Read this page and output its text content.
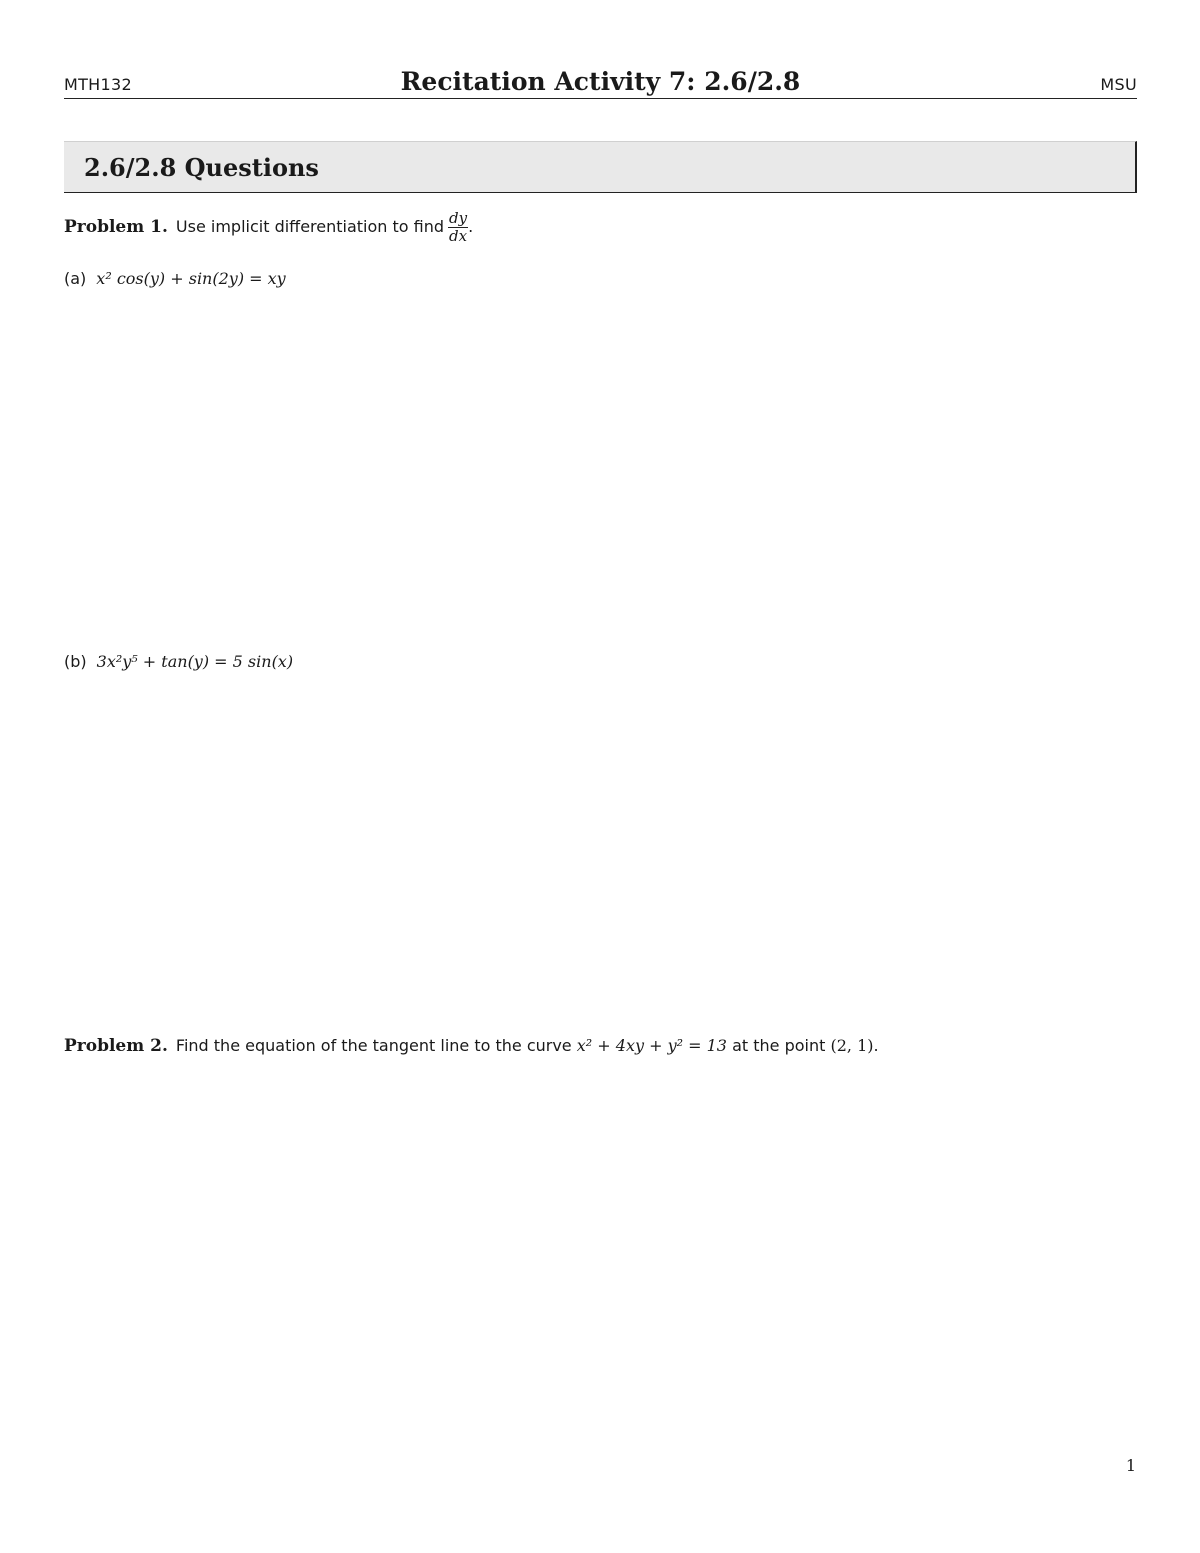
MTH132	Recitation Activity 7: 2.6/2.8	MSU
2.6/2.8 Questions
Problem 1. Use implicit differentiation to find $\frac{dy}{dx}$ .
(a) x² cos(y) + sin(2y) = xy
(b) 3x²y⁵ + tan(y) = 5 sin(x)
Problem 2. Find the equation of the tangent line to the curve x² + 4xy + y² = 13 at the point (2, 1).
1
